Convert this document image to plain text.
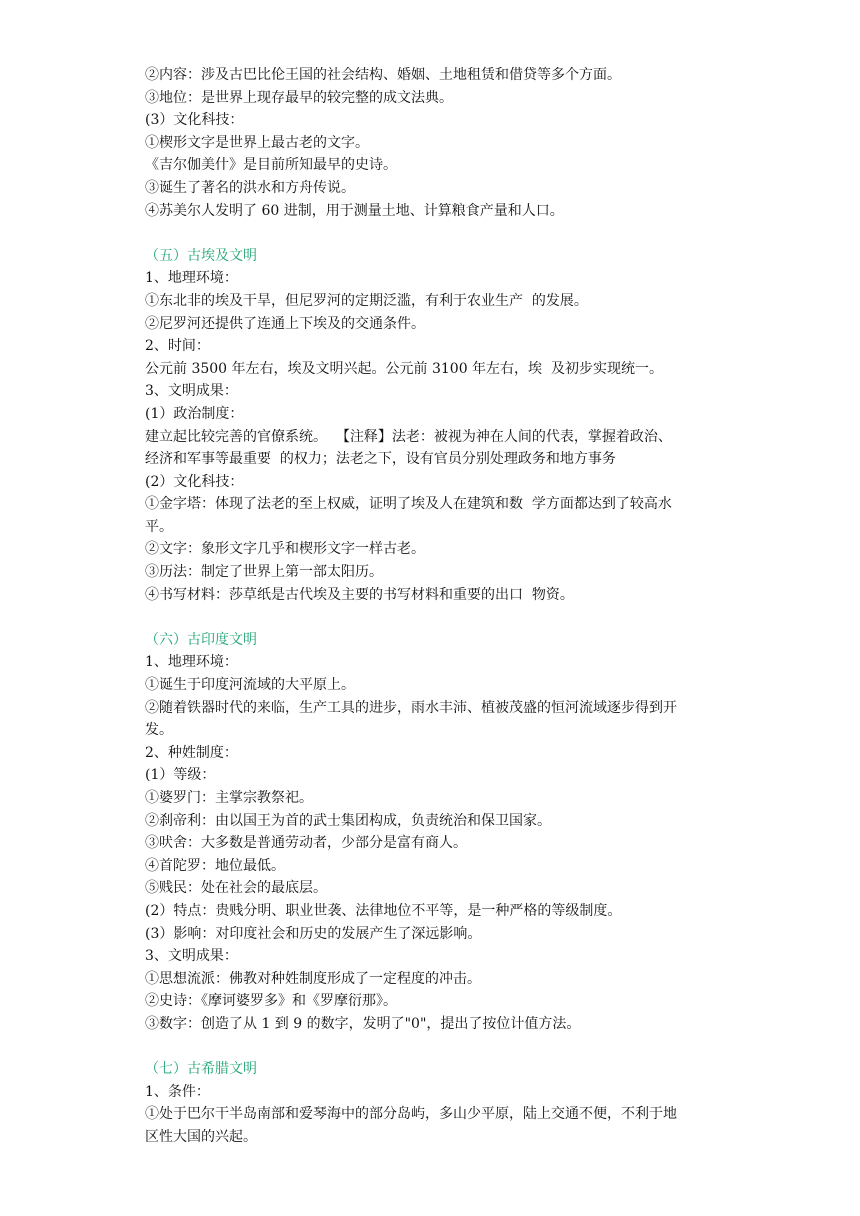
②内容：涉及古巴比伦王国的社会结构、婚姻、土地租赁和借贷等多个方面。
③地位：是世界上现存最早的较完整的成文法典。
(3）文化科技：
①楔形文字是世界上最古老的文字。
《吉尔伽美什》是目前所知最早的史诗。
③诞生了著名的洪水和方舟传说。
④苏美尔人发明了 60 进制，用于测量土地、计算粮食产量和人口。
（五）古埃及文明
1、地理环境：
①东北非的埃及干旱，但尼罗河的定期泛滥，有利于农业生产  的发展。
②尼罗河还提供了连通上下埃及的交通条件。
2、时间：
公元前 3500 年左右，埃及文明兴起。公元前 3100 年左右，埃  及初步实现统一。
3、文明成果：
(1）政治制度：
建立起比较完善的官僚系统。  【注释】法老：被视为神在人间的代表，掌握着政治、
经济和军事等最重要  的权力；法老之下，设有官员分别处理政务和地方事务
(2）文化科技：
①金字塔：体现了法老的至上权威，证明了埃及人在建筑和数  学方面都达到了较高水
平。
②文字：象形文字几乎和楔形文字一样古老。
③历法：制定了世界上第一部太阳历。
④书写材料：莎草纸是古代埃及主要的书写材料和重要的出口  物资。
（六）古印度文明
1、地理环境：
①诞生于印度河流域的大平原上。
②随着铁器时代的来临，生产工具的进步，雨水丰沛、植被茂盛的恒河流域逐步得到开
发。
2、种姓制度：
(1）等级：
①婆罗门：主掌宗教祭祀。
②刹帝利：由以国王为首的武士集团构成，负责统治和保卫国家。
③吠舍：大多数是普通劳动者，少部分是富有商人。
④首陀罗：地位最低。
⑤贱民：处在社会的最底层。
(2）特点：贵贱分明、职业世袭、法律地位不平等，是一种严格的等级制度。
(3）影响：对印度社会和历史的发展产生了深远影响。
3、文明成果：
①思想流派：佛教对种姓制度形成了一定程度的冲击。
②史诗：《摩诃婆罗多》和《罗摩衍那》。
③数字：创造了从 1 到 9 的数字，发明了"0"，提出了按位计值方法。
（七）古希腊文明
1、条件：
①处于巴尔干半岛南部和爱琴海中的部分岛屿，多山少平原，陆上交通不便，不利于地
区性大国的兴起。
